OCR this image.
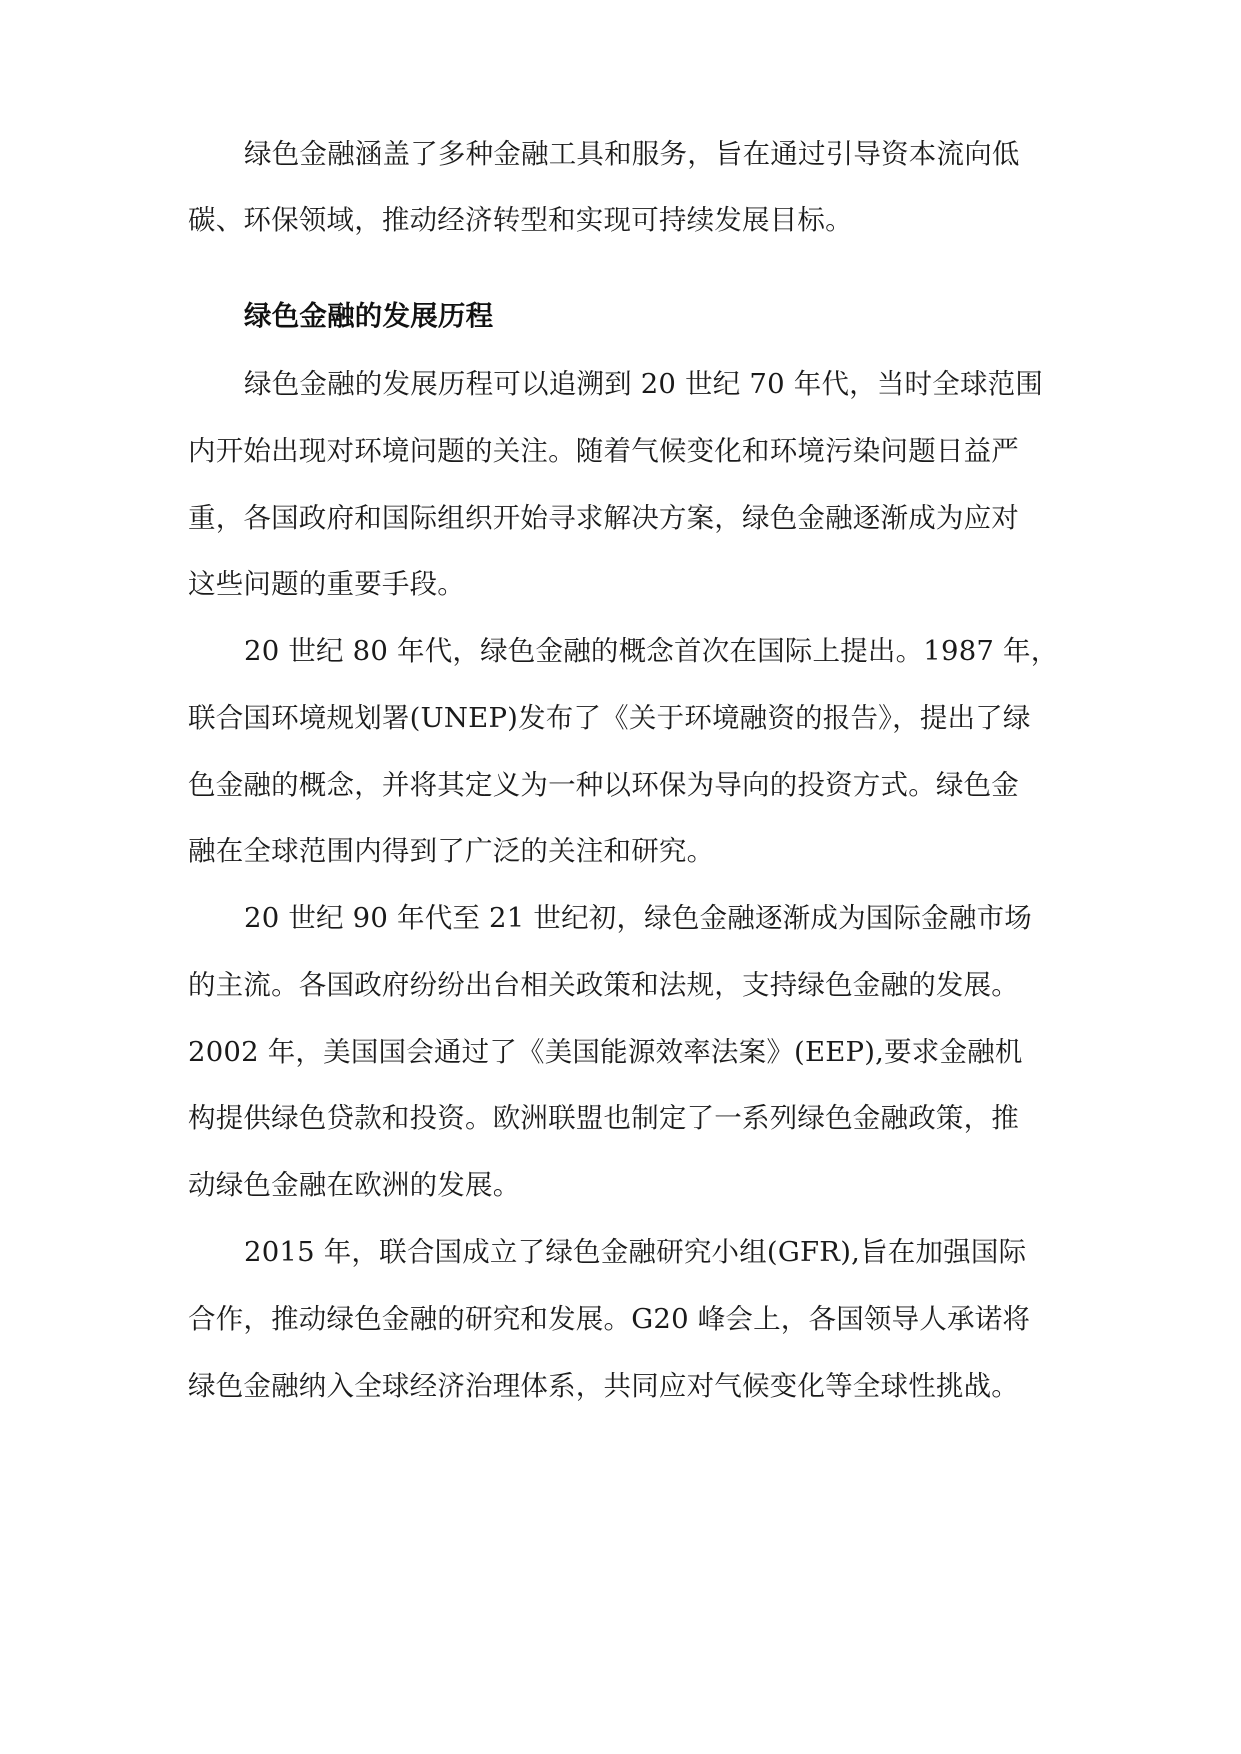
绿色金融涵盖了多种金融工具和服务，旨在通过引导资本流向低
碳、环保领域，推动经济转型和实现可持续发展目标。
绿色金融的发展历程
绿色金融的发展历程可以追溯到 20 世纪 70 年代，当时全球范围
内开始出现对环境问题的关注。随着气候变化和环境污染问题日益严
重，各国政府和国际组织开始寻求解决方案，绿色金融逐渐成为应对
这些问题的重要手段。
20 世纪 80 年代，绿色金融的概念首次在国际上提出。1987 年，
联合国环境规划署(UNEP)发布了《关于环境融资的报告》，提出了绿
色金融的概念，并将其定义为一种以环保为导向的投资方式。绿色金
融在全球范围内得到了广泛的关注和研究。
20 世纪 90 年代至 21 世纪初，绿色金融逐渐成为国际金融市场
的主流。各国政府纷纷出台相关政策和法规，支持绿色金融的发展。
2002 年，美国国会通过了《美国能源效率法案》(EEP),要求金融机
构提供绿色贷款和投资。欧洲联盟也制定了一系列绿色金融政策，推
动绿色金融在欧洲的发展。
2015 年，联合国成立了绿色金融研究小组(GFR),旨在加强国际
合作，推动绿色金融的研究和发展。G20 峰会上，各国领导人承诺将
绿色金融纳入全球经济治理体系，共同应对气候变化等全球性挑战。
